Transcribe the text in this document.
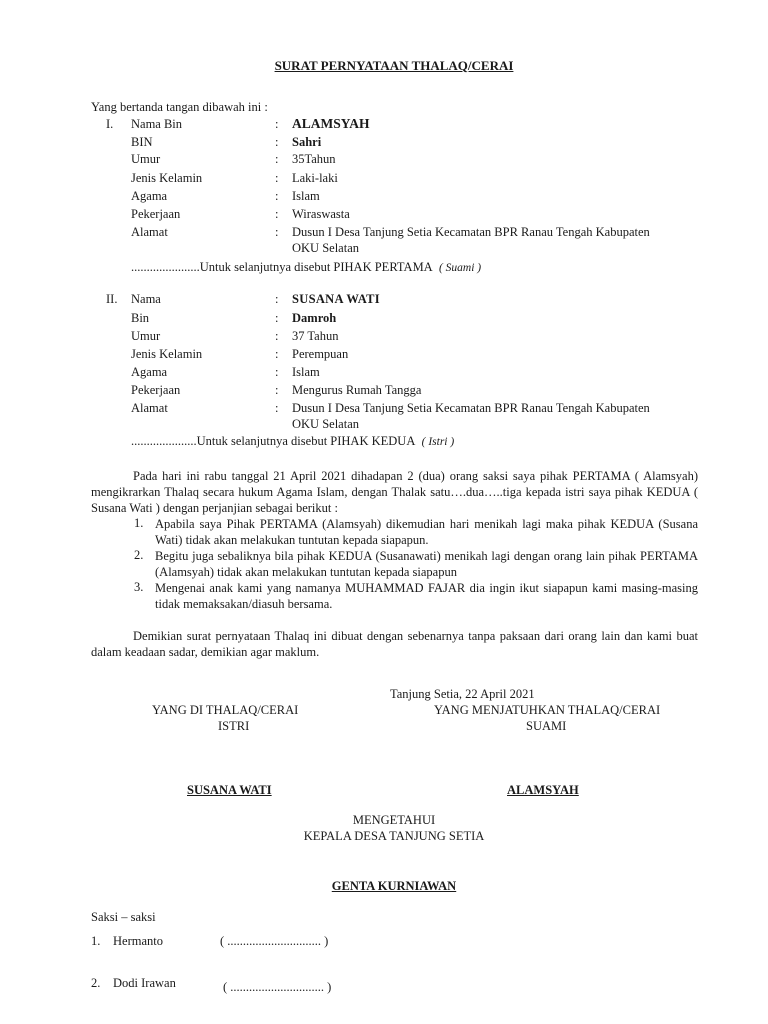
SURAT PERNYATAAN THALAQ/CERAI
Yang bertanda tangan dibawah ini :
I. Nama Bin	: ALAMSYAH
BIN	: Sahri
Umur	: 35Tahun
Jenis Kelamin	: Laki-laki
Agama	: Islam
Pekerjaan	: Wiraswasta
Alamat	: Dusun I Desa Tanjung Setia Kecamatan BPR Ranau Tengah Kabupaten
OKU Selatan
......................Untuk selanjutnya disebut PIHAK PERTAMA ( Suami )
II. Nama	: SUSANA WATI
Bin	: Damroh
Umur	: 37 Tahun
Jenis Kelamin	: Perempuan
Agama	: Islam
Pekerjaan	: Mengurus Rumah Tangga
Alamat	: Dusun I Desa Tanjung Setia Kecamatan BPR Ranau Tengah Kabupaten
OKU Selatan
.....................Untuk selanjutnya disebut PIHAK KEDUA ( Istri )
Pada hari ini rabu tanggal 21 April 2021 dihadapan 2 (dua) orang saksi saya pihak PERTAMA ( Alamsyah) mengikrarkan Thalaq secara hukum Agama Islam, dengan Thalak satu….dua…..tiga kepada istri saya pihak KEDUA ( Susana Wati ) dengan perjanjian sebagai berikut :
1. Apabila saya Pihak PERTAMA (Alamsyah) dikemudian hari menikah lagi maka pihak KEDUA (Susana Wati) tidak akan melakukan tuntutan kepada siapapun.
2. Begitu juga sebaliknya bila pihak KEDUA (Susanawati) menikah lagi dengan orang lain pihak PERTAMA (Alamsyah) tidak akan melakukan tuntutan kepada siapapun
3. Mengenai anak kami yang namanya MUHAMMAD FAJAR dia ingin ikut siapapun kami masing-masing tidak memaksakan/diasuh bersama.
Demikian surat pernyataan Thalaq ini dibuat dengan sebenarnya tanpa paksaan dari orang lain dan kami buat dalam keadaan sadar, demikian agar maklum.
Tanjung Setia, 22 April 2021
YANG DI THALAQ/CERAI
ISTRI
YANG MENJATUHKAN THALAQ/CERAI
SUAMI
SUSANA WATI	ALAMSYAH
MENGETAHUI
KEPALA DESA TANJUNG SETIA
GENTA KURNIAWAN
Saksi – saksi
1. Hermanto	( .............................. )
2. Dodi Irawan	( .............................. )
